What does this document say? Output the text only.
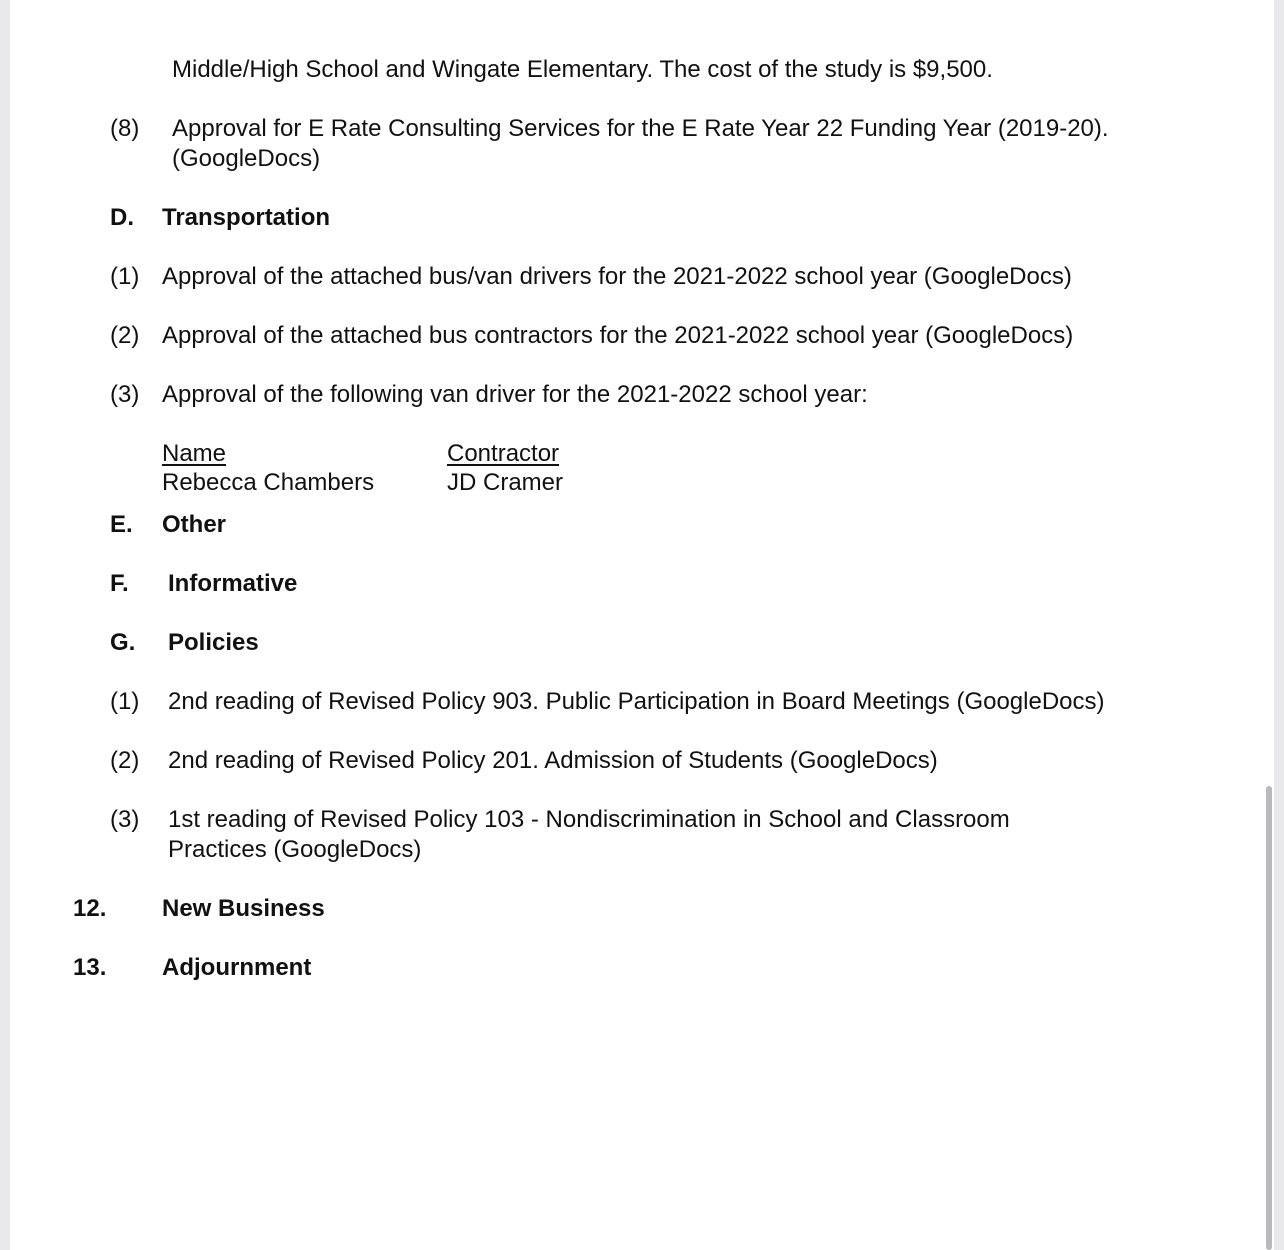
Middle/High School and Wingate Elementary. The cost of the study is $9,500.
(8) Approval for E Rate Consulting Services for the E Rate Year 22 Funding Year (2019-20).
(GoogleDocs)
D. Transportation
(1) Approval of the attached bus/van drivers for the 2021-2022 school year (GoogleDocs)
(2) Approval of the attached bus contractors for the 2021-2022 school year (GoogleDocs)
(3) Approval of the following van driver for the 2021-2022 school year:
Name	Contractor
Rebecca Chambers	JD Cramer
E. Other
F. Informative
G. Policies
(1) 2nd reading of Revised Policy 903. Public Participation in Board Meetings (GoogleDocs)
(2) 2nd reading of Revised Policy 201. Admission of Students (GoogleDocs)
(3) 1st reading of Revised Policy 103 - Nondiscrimination in School and Classroom
Practices (GoogleDocs)
12. New Business
13. Adjournment
